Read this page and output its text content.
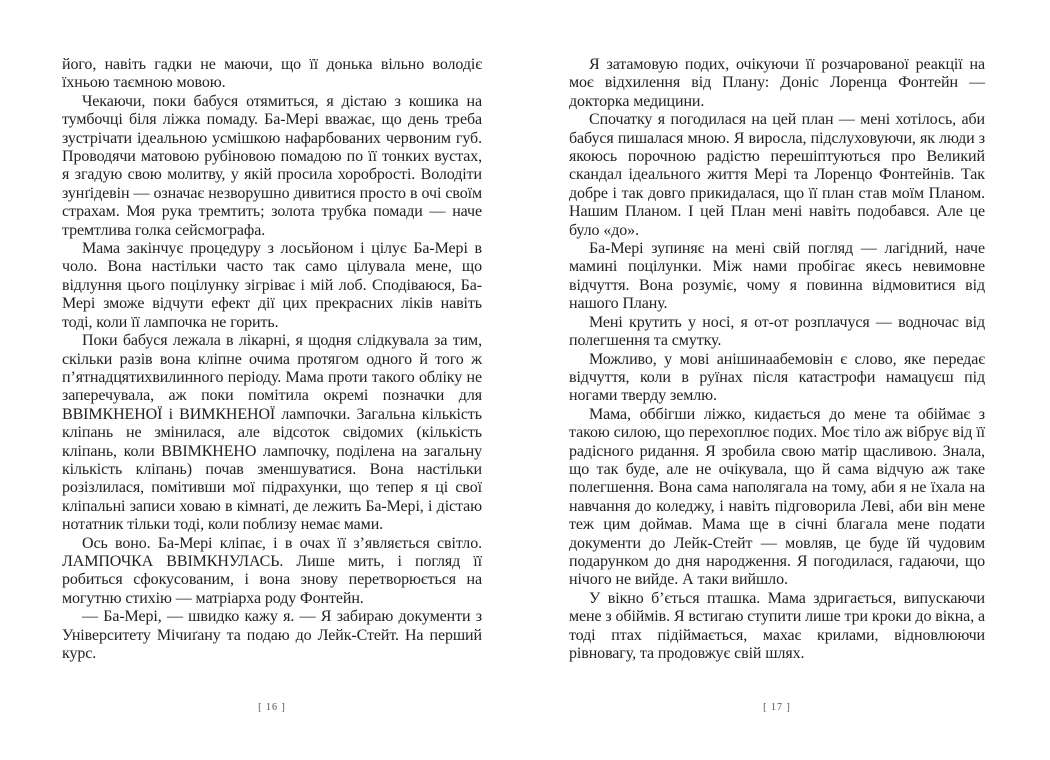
його, навіть гадки не маючи, що її донька вільно володіє їхньою таємною мовою.

Чекаючи, поки бабуся отямиться, я дістаю з кошика на тумбочці біля ліжка помаду. Ба-Мері вважає, що день треба зустрічати ідеальною усмішкою нафарбованих червоним губ. Проводячи матовою рубіновою помадою по її тонких вустах, я згадую свою молитву, у якій просила хоробрості. Володіти зунґідевін — означає незворушно дивитися просто в очі своїм страхам. Моя рука тремтить; золота трубка помади — наче тремтлива голка сейсмографа.

Мама закінчує процедуру з лосьйоном і цілує Ба-Мері в чоло. Вона настільки часто так само цілувала мене, що відлуння цього поцілунку зігріває і мій лоб. Сподіваюся, Ба-Мері зможе відчути ефект дії цих прекрасних ліків навіть тоді, коли її лампочка не горить.

Поки бабуся лежала в лікарні, я щодня слідкувала за тим, скільки разів вона кліпне очима протягом одного й того ж п’ятнадцятихвилинного періоду. Мама проти такого обліку не заперечувала, аж поки помітила окремі позначки для ВВІМКНЕНОЇ і ВИМКНЕНОЇ лампочки. Загальна кількість кліпань не змінилася, але відсоток свідомих (кількість кліпань, коли ВВІМКНЕНО лампочку, поділена на загальну кількість кліпань) почав зменшуватися. Вона настільки розізлилася, помітивши мої підрахунки, що тепер я ці свої кліпальні записи ховаю в кімнаті, де лежить Ба-Мері, і дістаю нотатник тільки тоді, коли поблизу немає мами.

Ось воно. Ба-Мері кліпає, і в очах її з’являється світло. ЛАМПОЧКА ВВІМКНУЛАСЬ. Лише мить, і погляд її робиться сфокусованим, і вона знову перетворюється на могутню стихію — матріарха роду Фонтейн.

— Ба-Мері, — швидко кажу я. — Я забираю документи з Університету Мічиґану та подаю до Лейк-Стейт. На перший курс.

Я затамовую подих, очікуючи її розчарованої реакції на моє відхилення від Плану: Доніс Лоренца Фонтейн — докторка медицини.

Спочатку я погодилася на цей план — мені хотілось, аби бабуся пишалася мною. Я виросла, підслуховуючи, як люди з якоюсь порочною радістю перешіптуються про Великий скандал ідеального життя Мері та Лоренцо Фонтейнів. Так добре і так довго прикидалася, що її план став моїм Планом. Нашим Планом. І цей План мені навіть подобався. Але це було «до».

Ба-Мері зупиняє на мені свій погляд — лагідний, наче мамині поцілунки. Між нами пробігає якесь невимовне відчуття. Вона розуміє, чому я повинна відмовитися від нашого Плану.

Мені крутить у носі, я от-от розплачуся — водночас від полегшення та смутку.

Можливо, у мові анішинаабемовін є слово, яке передає відчуття, коли в руїнах після катастрофи намацуєш під ногами тверду землю.

Мама, оббігши ліжко, кидається до мене та обіймає з такою силою, що перехоплює подих. Моє тіло аж вібрує від її радісного ридання. Я зробила свою матір щасливою. Знала, що так буде, але не очікувала, що й сама відчую аж таке полегшення. Вона сама наполягала на тому, аби я не їхала на навчання до коледжу, і навіть підговорила Леві, аби він мене теж цим доймав. Мама ще в січні благала мене подати документи до Лейк-Стейт — мовляв, це буде їй чудовим подарунком до дня народження. Я погодилася, гадаючи, що нічого не вийде. А таки вийшло.

У вікно б’ється пташка. Мама здригається, випускаючи мене з обіймів. Я встигаю ступити лише три кроки до вікна, а тоді птах підіймається, махає крилами, відновлюючи рівновагу, та продовжує свій шлях.

[ 16 ]	[ 17 ]
